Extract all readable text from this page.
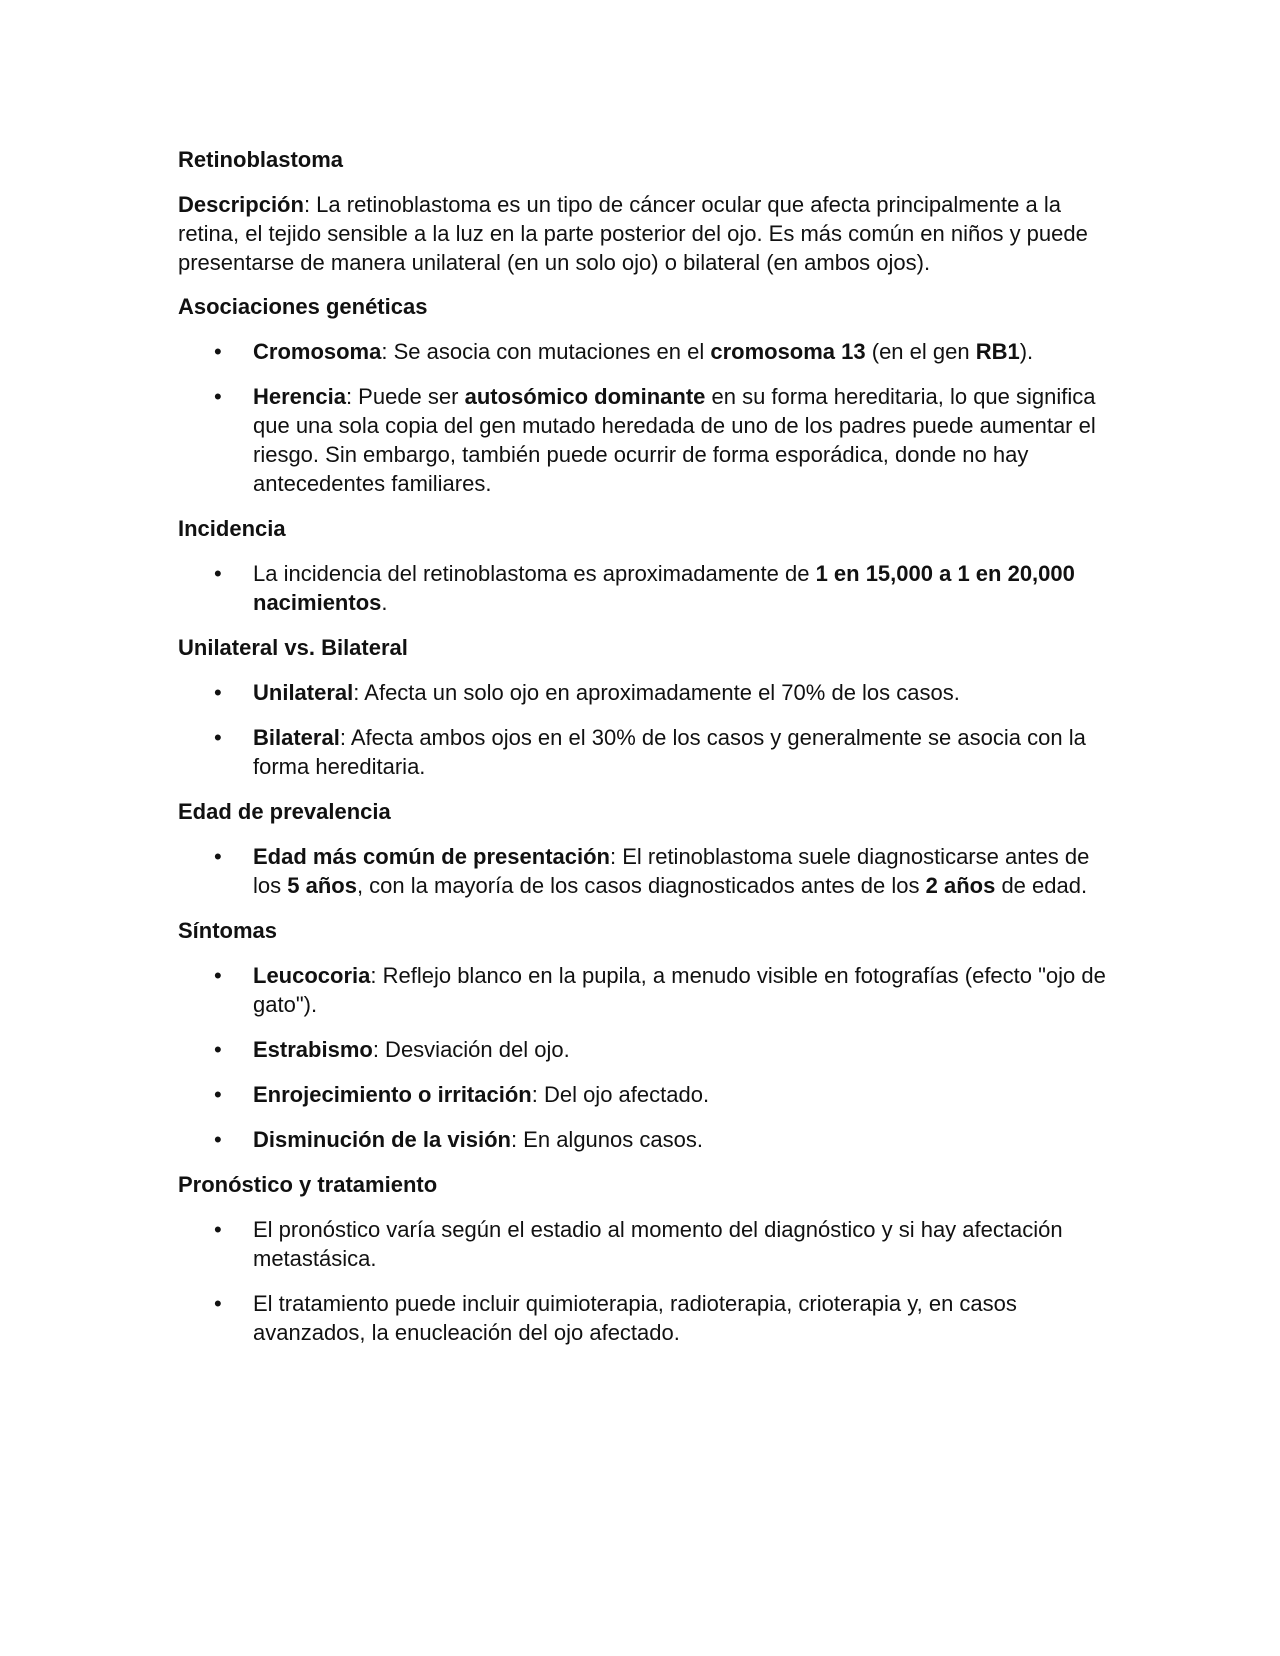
Retinoblastoma

Descripción: La retinoblastoma es un tipo de cáncer ocular que afecta principalmente a la retina, el tejido sensible a la luz en la parte posterior del ojo. Es más común en niños y puede presentarse de manera unilateral (en un solo ojo) o bilateral (en ambos ojos).

Asociaciones genéticas
• Cromosoma: Se asocia con mutaciones en el cromosoma 13 (en el gen RB1).
• Herencia: Puede ser autosómico dominante en su forma hereditaria, lo que significa que una sola copia del gen mutado heredada de uno de los padres puede aumentar el riesgo. Sin embargo, también puede ocurrir de forma esporádica, donde no hay antecedentes familiares.
Incidencia
• La incidencia del retinoblastoma es aproximadamente de 1 en 15,000 a 1 en 20,000 nacimientos.
Unilateral vs. Bilateral
• Unilateral: Afecta un solo ojo en aproximadamente el 70% de los casos.
• Bilateral: Afecta ambos ojos en el 30% de los casos y generalmente se asocia con la forma hereditaria.
Edad de prevalencia
• Edad más común de presentación: El retinoblastoma suele diagnosticarse antes de los 5 años, con la mayoría de los casos diagnosticados antes de los 2 años de edad.
Síntomas
• Leucocoria: Reflejo blanco en la pupila, a menudo visible en fotografías (efecto "ojo de gato").
• Estrabismo: Desviación del ojo.
• Enrojecimiento o irritación: Del ojo afectado.
• Disminución de la visión: En algunos casos.
Pronóstico y tratamiento
• El pronóstico varía según el estadio al momento del diagnóstico y si hay afectación metastásica.
• El tratamiento puede incluir quimioterapia, radioterapia, crioterapia y, en casos avanzados, la enucleación del ojo afectado.
